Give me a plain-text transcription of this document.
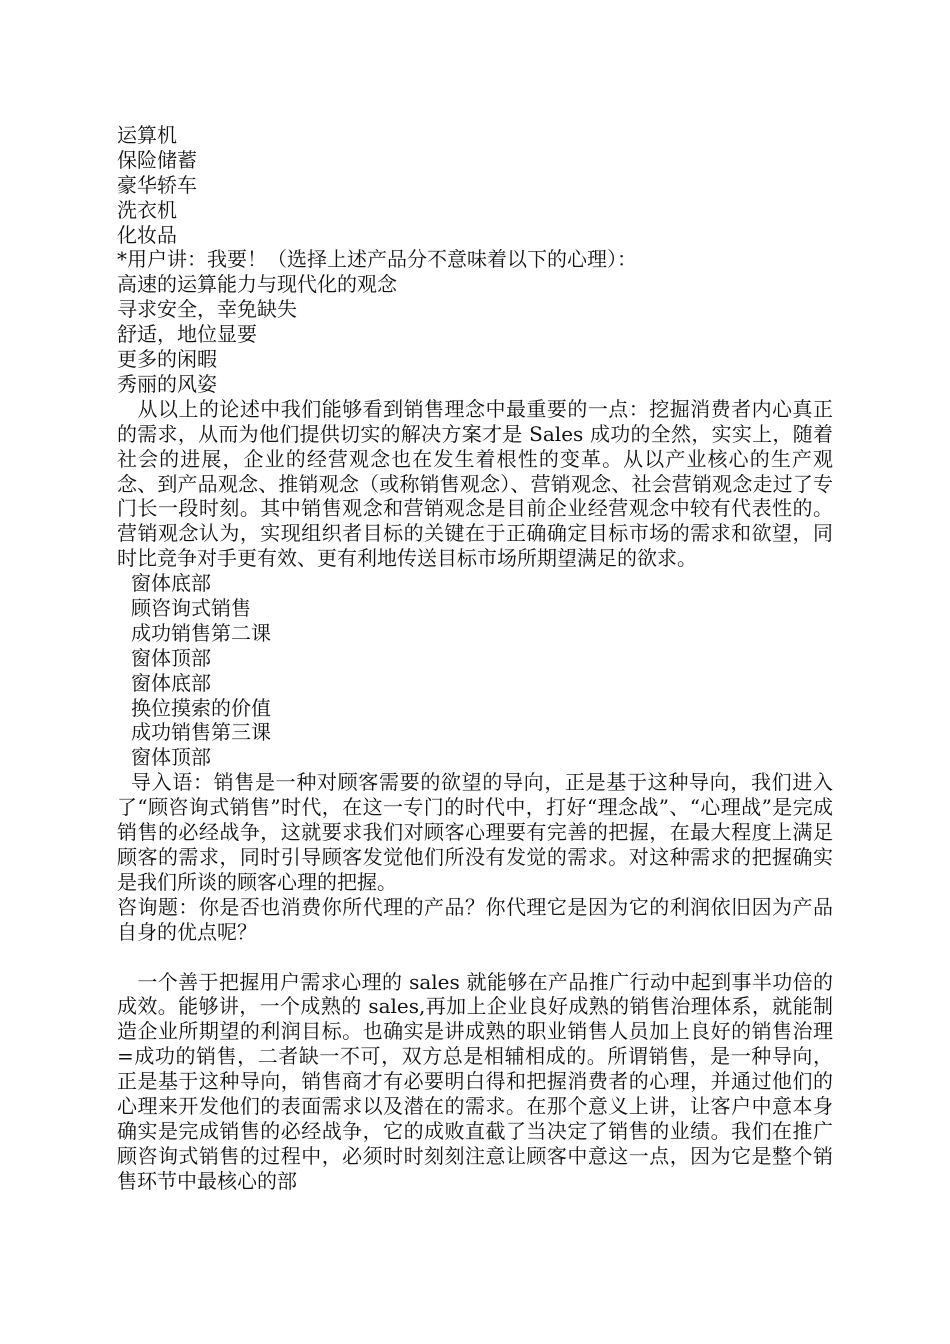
运算机
保险储蓄
豪华轿车
洗衣机
化妆品
*用户讲：我要！（选择上述产品分不意味着以下的心理）：
高速的运算能力与现代化的观念
寻求安全，幸免缺失
舒适，地位显要
更多的闲暇
秀丽的风姿
　从以上的论述中我们能够看到销售理念中最重要的一点：挖掘消费者内心真正的需求，从而为他们提供切实的解决方案才是 Sales 成功的全然，实实上，随着社会的进展，企业的经营观念也在发生着根性的变革。从以产业核心的生产观念、到产品观念、推销观念（或称销售观念）、营销观念、社会营销观念走过了专门长一段时刻。其中销售观念和营销观念是目前企业经营观念中较有代表性的。营销观念认为，实现组织者目标的关键在于正确确定目标市场的需求和欲望，同时比竞争对手更有效、更有利地传送目标市场所期望满足的欲求。
窗体底部
顾咨询式销售
成功销售第二课
窗体顶部
窗体底部
换位摸索的价值
成功销售第三课
窗体顶部
导入语：销售是一种对顾客需要的欲望的导向，正是基于这种导向，我们进入了“顾咨询式销售”时代，在这一专门的时代中，打好“理念战”、“心理战”是完成销售的必经战争，这就要求我们对顾客心理要有完善的把握，在最大程度上满足顾客的需求，同时引导顾客发觉他们所没有发觉的需求。对这种需求的把握确实是我们所谈的顾客心理的把握。
咨询题：你是否也消费你所代理的产品？你代理它是因为它的利润依旧因为产品自身的优点呢？
　一个善于把握用户需求心理的 sales 就能够在产品推广行动中起到事半功倍的成效。能够讲，一个成熟的 sales,再加上企业良好成熟的销售治理体系，就能制造企业所期望的利润目标。也确实是讲成熟的职业销售人员加上良好的销售治理=成功的销售，二者缺一不可，双方总是相辅相成的。所谓销售，是一种导向，正是基于这种导向，销售商才有必要明白得和把握消费者的心理，并通过他们的心理来开发他们的表面需求以及潜在的需求。在那个意义上讲，让客户中意本身确实是完成销售的必经战争，它的成败直截了当决定了销售的业绩。我们在推广顾咨询式销售的过程中，必须时时刻刻注意让顾客中意这一点，因为它是整个销售环节中最核心的部
